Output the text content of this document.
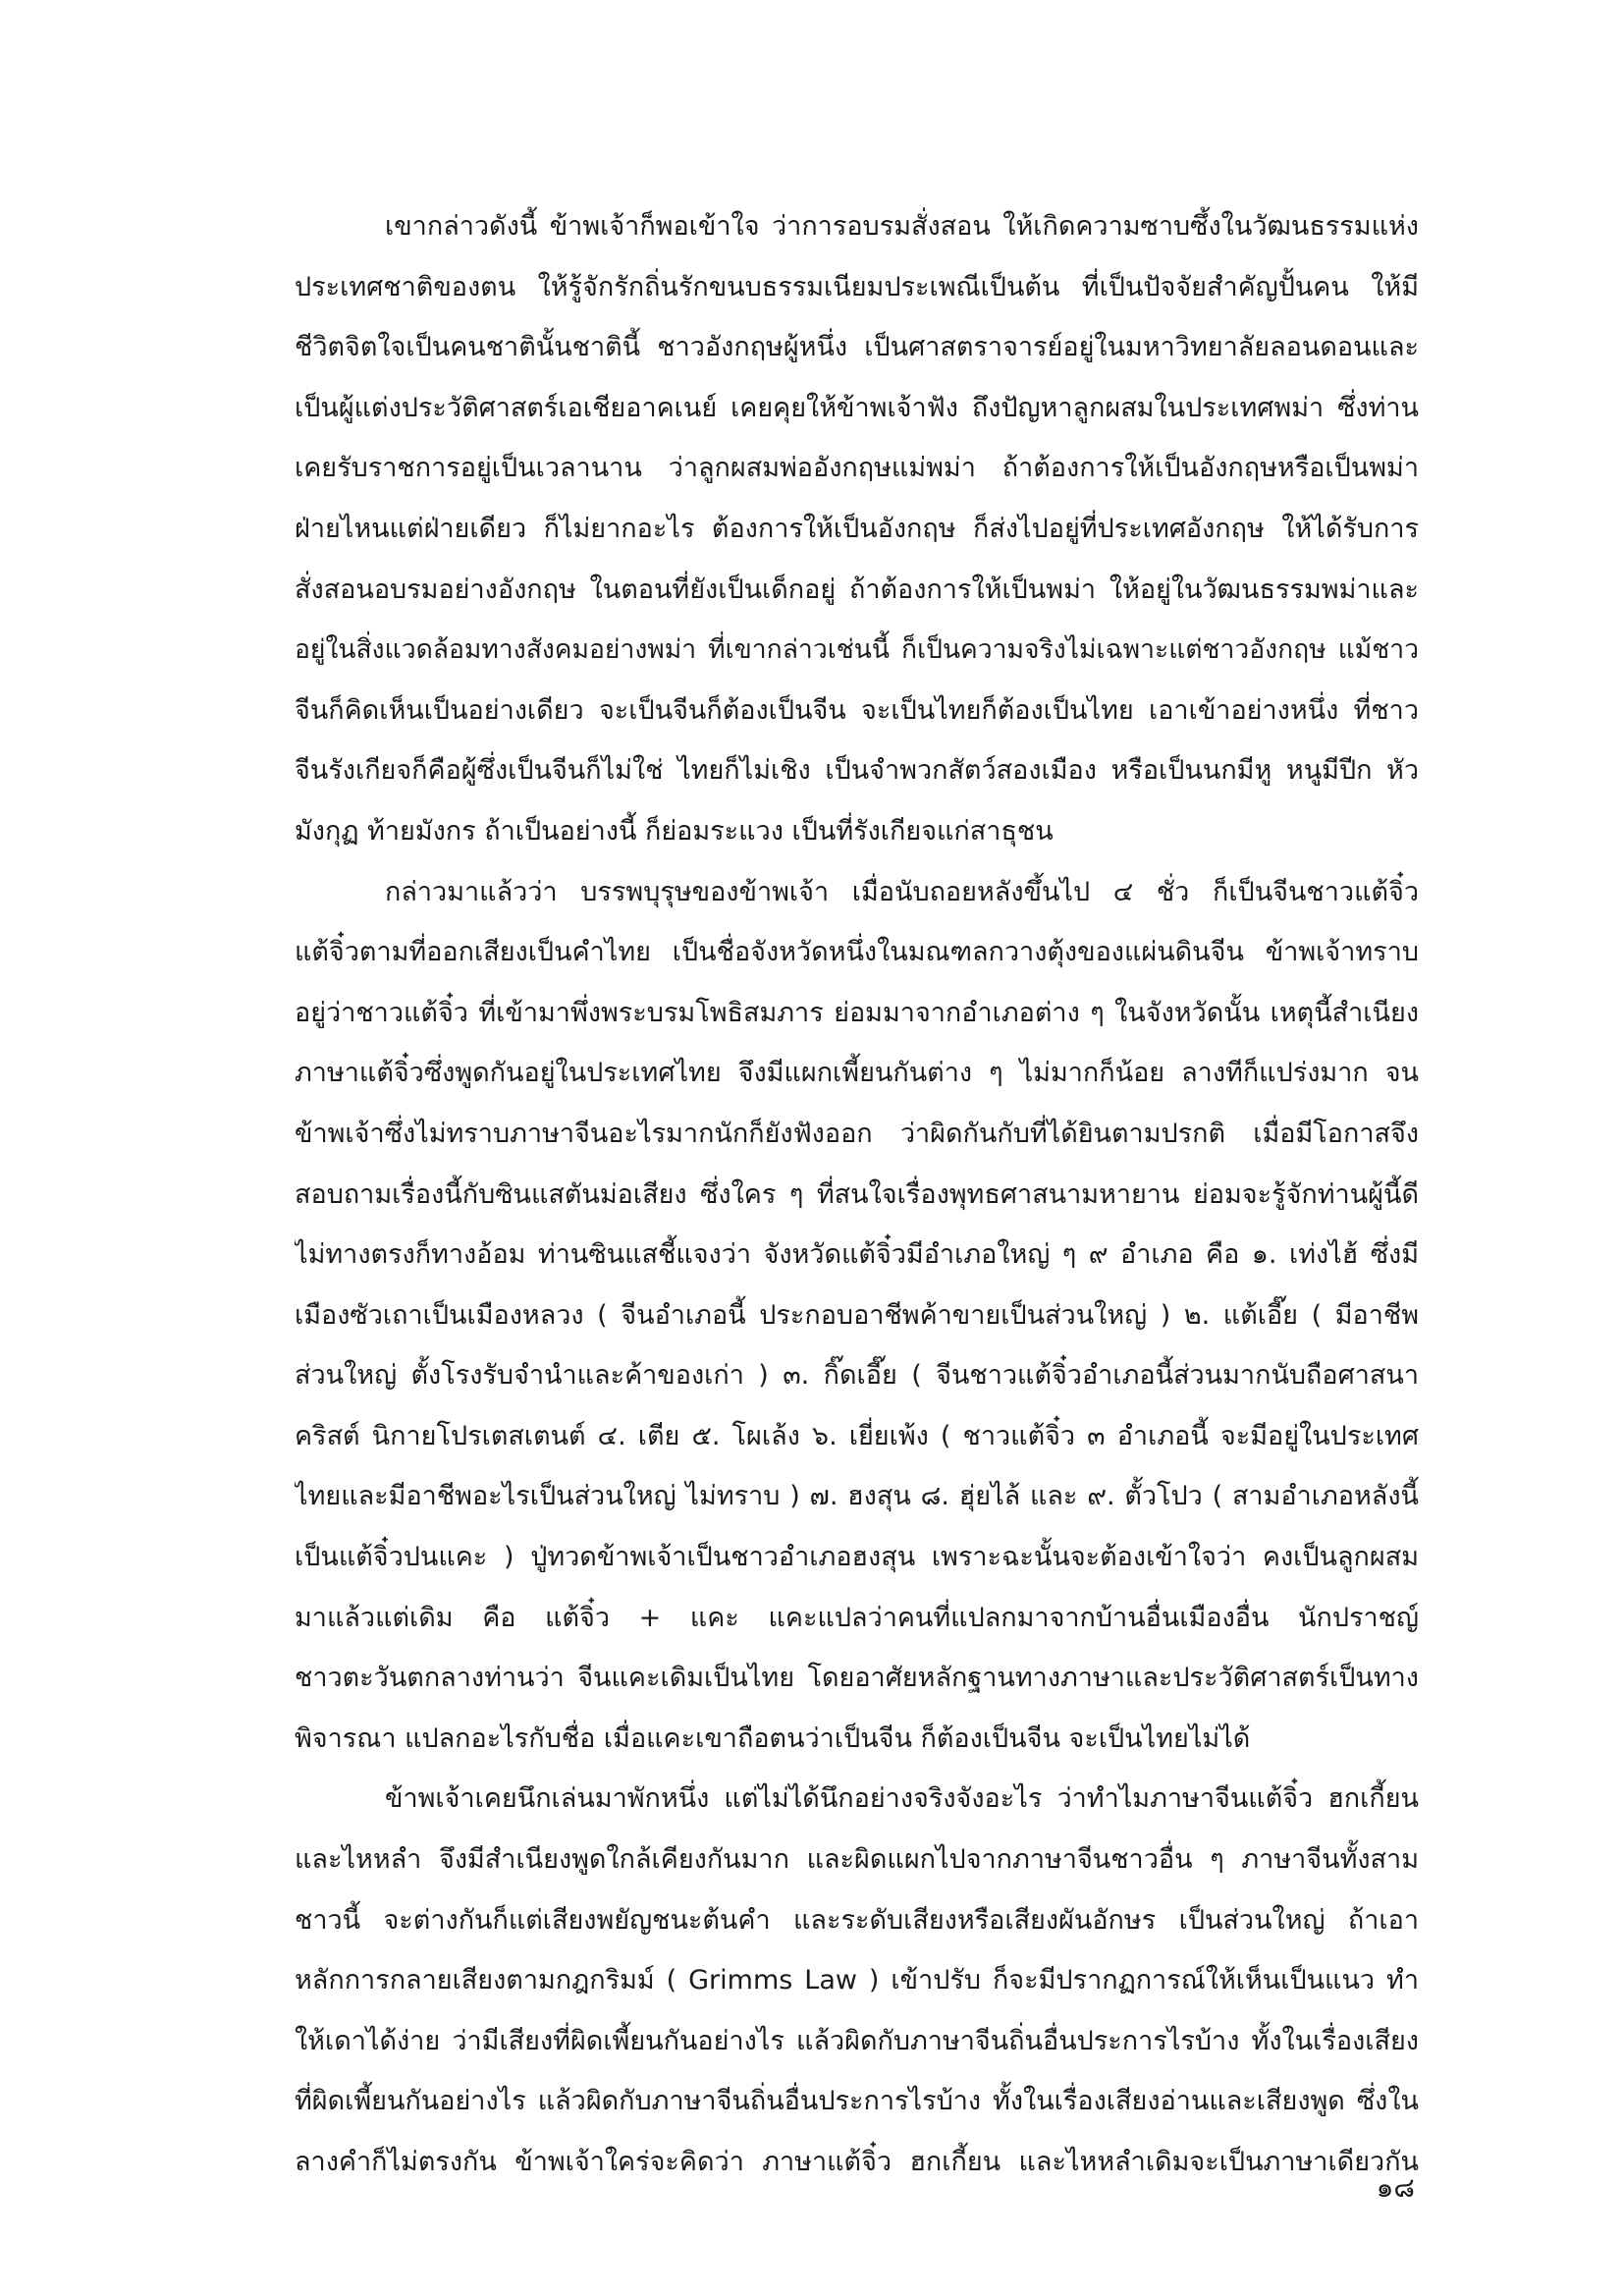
เขากล่าวดังนี้ ข้าพเจ้าก็พอเข้าใจ ว่าการอบรมสั่งสอน ให้เกิดความซาบซึ้งในวัฒนธรรมแห่ง
ประเทศชาติของตน ให้รู้จักรักถิ่นรักขนบธรรมเนียมประเพณีเป็นต้น ที่เป็นปัจจัยสำคัญปั้นคน ให้มี
ชีวิตจิตใจเป็นคนชาตินั้นชาตินี้ ชาวอังกฤษผู้หนึ่ง เป็นศาสตราจารย์อยู่ในมหาวิทยาลัยลอนดอนและ
เป็นผู้แต่งประวัติศาสตร์เอเชียอาคเนย์ เคยคุยให้ข้าพเจ้าฟัง ถึงปัญหาลูกผสมในประเทศพม่า ซึ่งท่าน
เคยรับราชการอยู่เป็นเวลานาน ว่าลูกผสมพ่ออังกฤษแม่พม่า ถ้าต้องการให้เป็นอังกฤษหรือเป็นพม่า
ฝ่ายไหนแต่ฝ่ายเดียว ก็ไม่ยากอะไร ต้องการให้เป็นอังกฤษ ก็ส่งไปอยู่ที่ประเทศอังกฤษ ให้ได้รับการ
สั่งสอนอบรมอย่างอังกฤษ ในตอนที่ยังเป็นเด็กอยู่ ถ้าต้องการให้เป็นพม่า ให้อยู่ในวัฒนธรรมพม่าและ
อยู่ในสิ่งแวดล้อมทางสังคมอย่างพม่า ที่เขากล่าวเช่นนี้ ก็เป็นความจริงไม่เฉพาะแต่ชาวอังกฤษ แม้ชาว
จีนก็คิดเห็นเป็นอย่างเดียว จะเป็นจีนก็ต้องเป็นจีน จะเป็นไทยก็ต้องเป็นไทย เอาเข้าอย่างหนึ่ง ที่ชาว
จีนรังเกียจก็คือผู้ซึ่งเป็นจีนก็ไม่ใช่ ไทยก็ไม่เชิง เป็นจำพวกสัตว์สองเมือง หรือเป็นนกมีหู หนูมีปีก หัว
มังกุฏ ท้ายมังกร ถ้าเป็นอย่างนี้ ก็ย่อมระแวง เป็นที่รังเกียจแก่สาธุชน
กล่าวมาแล้วว่า บรรพบุรุษของข้าพเจ้า เมื่อนับถอยหลังขึ้นไป ๔ ชั่ว ก็เป็นจีนชาวแต้จิ๋ว
แต้จิ๋วตามที่ออกเสียงเป็นคำไทย เป็นชื่อจังหวัดหนึ่งในมณฑลกวางตุ้งของแผ่นดินจีน ข้าพเจ้าทราบ
อยู่ว่าชาวแต้จิ๋ว ที่เข้ามาพึ่งพระบรมโพธิสมภาร ย่อมมาจากอำเภอต่าง ๆ ในจังหวัดนั้น เหตุนี้สำเนียง
ภาษาแต้จิ๋วซึ่งพูดกันอยู่ในประเทศไทย จึงมีแผกเพี้ยนกันต่าง ๆ ไม่มากก็น้อย ลางทีก็แปร่งมาก จน
ข้าพเจ้าซึ่งไม่ทราบภาษาจีนอะไรมากนักก็ยังฟังออก ว่าผิดกันกับที่ได้ยินตามปรกติ เมื่อมีโอกาสจึง
สอบถามเรื่องนี้กับซินแสตันม่อเสียง ซึ่งใคร ๆ ที่สนใจเรื่องพุทธศาสนามหายาน ย่อมจะรู้จักท่านผู้นี้ดี
ไม่ทางตรงก็ทางอ้อม ท่านซินแสชี้แจงว่า จังหวัดแต้จิ๋วมีอำเภอใหญ่ ๆ ๙ อำเภอ คือ ๑. เท่งไฮ้ ซึ่งมี
เมืองซัวเถาเป็นเมืองหลวง ( จีนอำเภอนี้ ประกอบอาชีพค้าขายเป็นส่วนใหญ่ ) ๒. แต้เอี๊ย ( มีอาชีพ
ส่วนใหญ่ ตั้งโรงรับจำนำและค้าของเก่า ) ๓. กิ๊ดเอี๊ย ( จีนชาวแต้จิ๋วอำเภอนี้ส่วนมากนับถือศาสนา
คริสต์ นิกายโปรเตสเตนต์ ๔. เตีย ๕. โผเล้ง ๖. เยี่ยเพ้ง ( ชาวแต้จิ๋ว ๓ อำเภอนี้ จะมีอยู่ในประเทศ
ไทยและมีอาชีพอะไรเป็นส่วนใหญ่ ไม่ทราบ ) ๗. ฮงสุน ๘. ฮุ่ยไล้ และ ๙. ตั้วโปว ( สามอำเภอหลังนี้
เป็นแต้จิ๋วปนแคะ ) ปู่ทวดข้าพเจ้าเป็นชาวอำเภอฮงสุน เพราะฉะนั้นจะต้องเข้าใจว่า คงเป็นลูกผสม
มาแล้วแต่เดิม คือ แต้จิ๋ว + แคะ แคะแปลว่าคนที่แปลกมาจากบ้านอื่นเมืองอื่น นักปราชญ์
ชาวตะวันตกลางท่านว่า จีนแคะเดิมเป็นไทย โดยอาศัยหลักฐานทางภาษาและประวัติศาสตร์เป็นทาง
พิจารณา แปลกอะไรกับชื่อ เมื่อแคะเขาถือตนว่าเป็นจีน ก็ต้องเป็นจีน จะเป็นไทยไม่ได้
ข้าพเจ้าเคยนึกเล่นมาพักหนึ่ง แต่ไม่ได้นึกอย่างจริงจังอะไร ว่าทำไมภาษาจีนแต้จิ๋ว ฮกเกี้ยน
และไหหลำ จึงมีสำเนียงพูดใกล้เคียงกันมาก และผิดแผกไปจากภาษาจีนชาวอื่น ๆ ภาษาจีนทั้งสาม
ชาวนี้ จะต่างกันก็แต่เสียงพยัญชนะต้นคำ และระดับเสียงหรือเสียงผันอักษร เป็นส่วนใหญ่ ถ้าเอา
หลักการกลายเสียงตามกฎกริมม์ ( Grimms Law ) เข้าปรับ ก็จะมีปรากฏการณ์ให้เห็นเป็นแนว ทำ
ให้เดาได้ง่าย ว่ามีเสียงที่ผิดเพี้ยนกันอย่างไร แล้วผิดกับภาษาจีนถิ่นอื่นประการไรบ้าง ทั้งในเรื่องเสียง
ที่ผิดเพี้ยนกันอย่างไร แล้วผิดกับภาษาจีนถิ่นอื่นประการไรบ้าง ทั้งในเรื่องเสียงอ่านและเสียงพูด ซึ่งใน
ลางคำก็ไม่ตรงกัน ข้าพเจ้าใคร่จะคิดว่า ภาษาแต้จิ๋ว ฮกเกี้ยน และไหหลำเดิมจะเป็นภาษาเดียวกัน
๑๘
